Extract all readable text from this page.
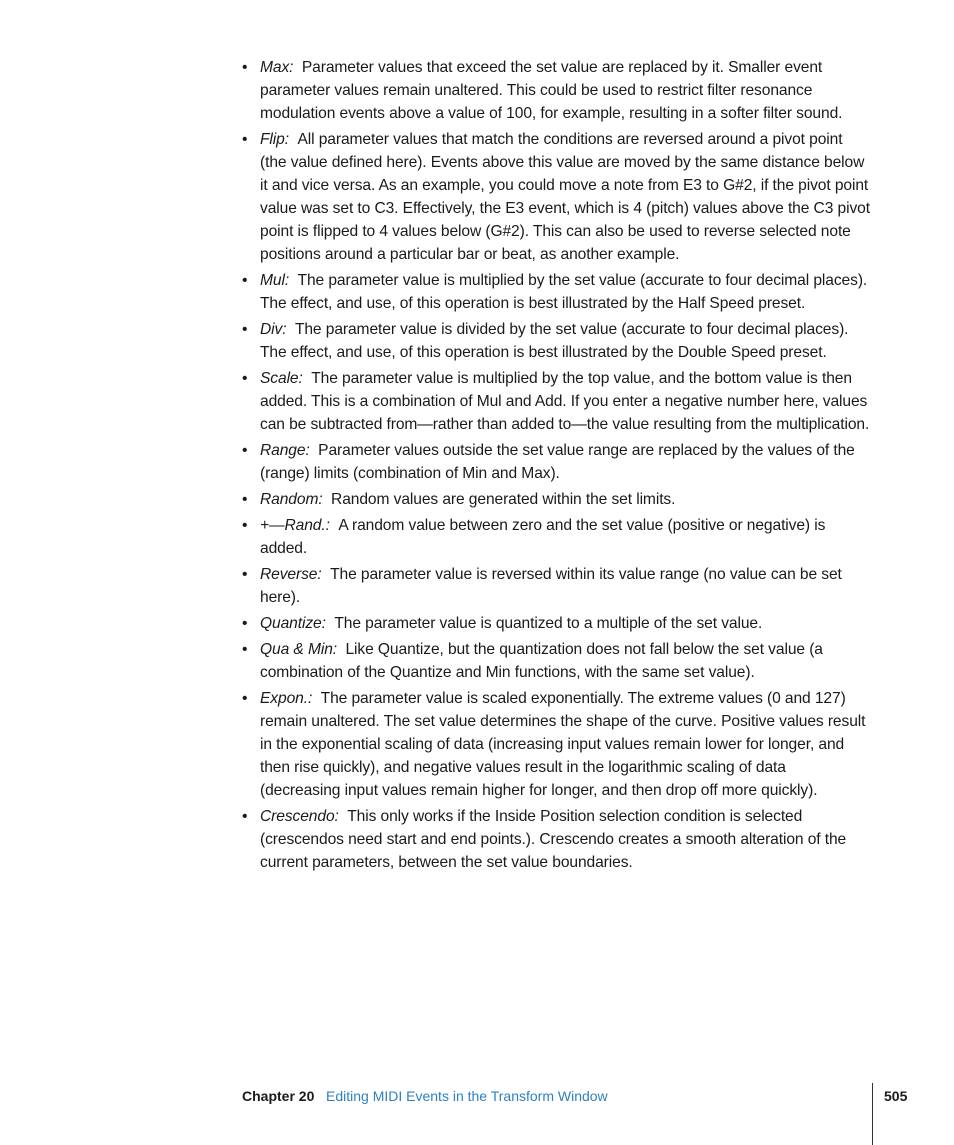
• Max: Parameter values that exceed the set value are replaced by it. Smaller event parameter values remain unaltered. This could be used to restrict filter resonance modulation events above a value of 100, for example, resulting in a softer filter sound.
• Flip: All parameter values that match the conditions are reversed around a pivot point (the value defined here). Events above this value are moved by the same distance below it and vice versa. As an example, you could move a note from E3 to G#2, if the pivot point value was set to C3. Effectively, the E3 event, which is 4 (pitch) values above the C3 pivot point is flipped to 4 values below (G#2). This can also be used to reverse selected note positions around a particular bar or beat, as another example.
• Mul: The parameter value is multiplied by the set value (accurate to four decimal places). The effect, and use, of this operation is best illustrated by the Half Speed preset.
• Div: The parameter value is divided by the set value (accurate to four decimal places). The effect, and use, of this operation is best illustrated by the Double Speed preset.
• Scale: The parameter value is multiplied by the top value, and the bottom value is then added. This is a combination of Mul and Add. If you enter a negative number here, values can be subtracted from—rather than added to—the value resulting from the multiplication.
• Range: Parameter values outside the set value range are replaced by the values of the (range) limits (combination of Min and Max).
• Random: Random values are generated within the set limits.
• +—Rand.: A random value between zero and the set value (positive or negative) is added.
• Reverse: The parameter value is reversed within its value range (no value can be set here).
• Quantize: The parameter value is quantized to a multiple of the set value.
• Qua & Min: Like Quantize, but the quantization does not fall below the set value (a combination of the Quantize and Min functions, with the same set value).
• Expon.: The parameter value is scaled exponentially. The extreme values (0 and 127) remain unaltered. The set value determines the shape of the curve. Positive values result in the exponential scaling of data (increasing input values remain lower for longer, and then rise quickly), and negative values result in the logarithmic scaling of data (decreasing input values remain higher for longer, and then drop off more quickly).
• Crescendo: This only works if the Inside Position selection condition is selected (crescendos need start and end points.). Crescendo creates a smooth alteration of the current parameters, between the set value boundaries.
Chapter 20 Editing MIDI Events in the Transform Window	505
